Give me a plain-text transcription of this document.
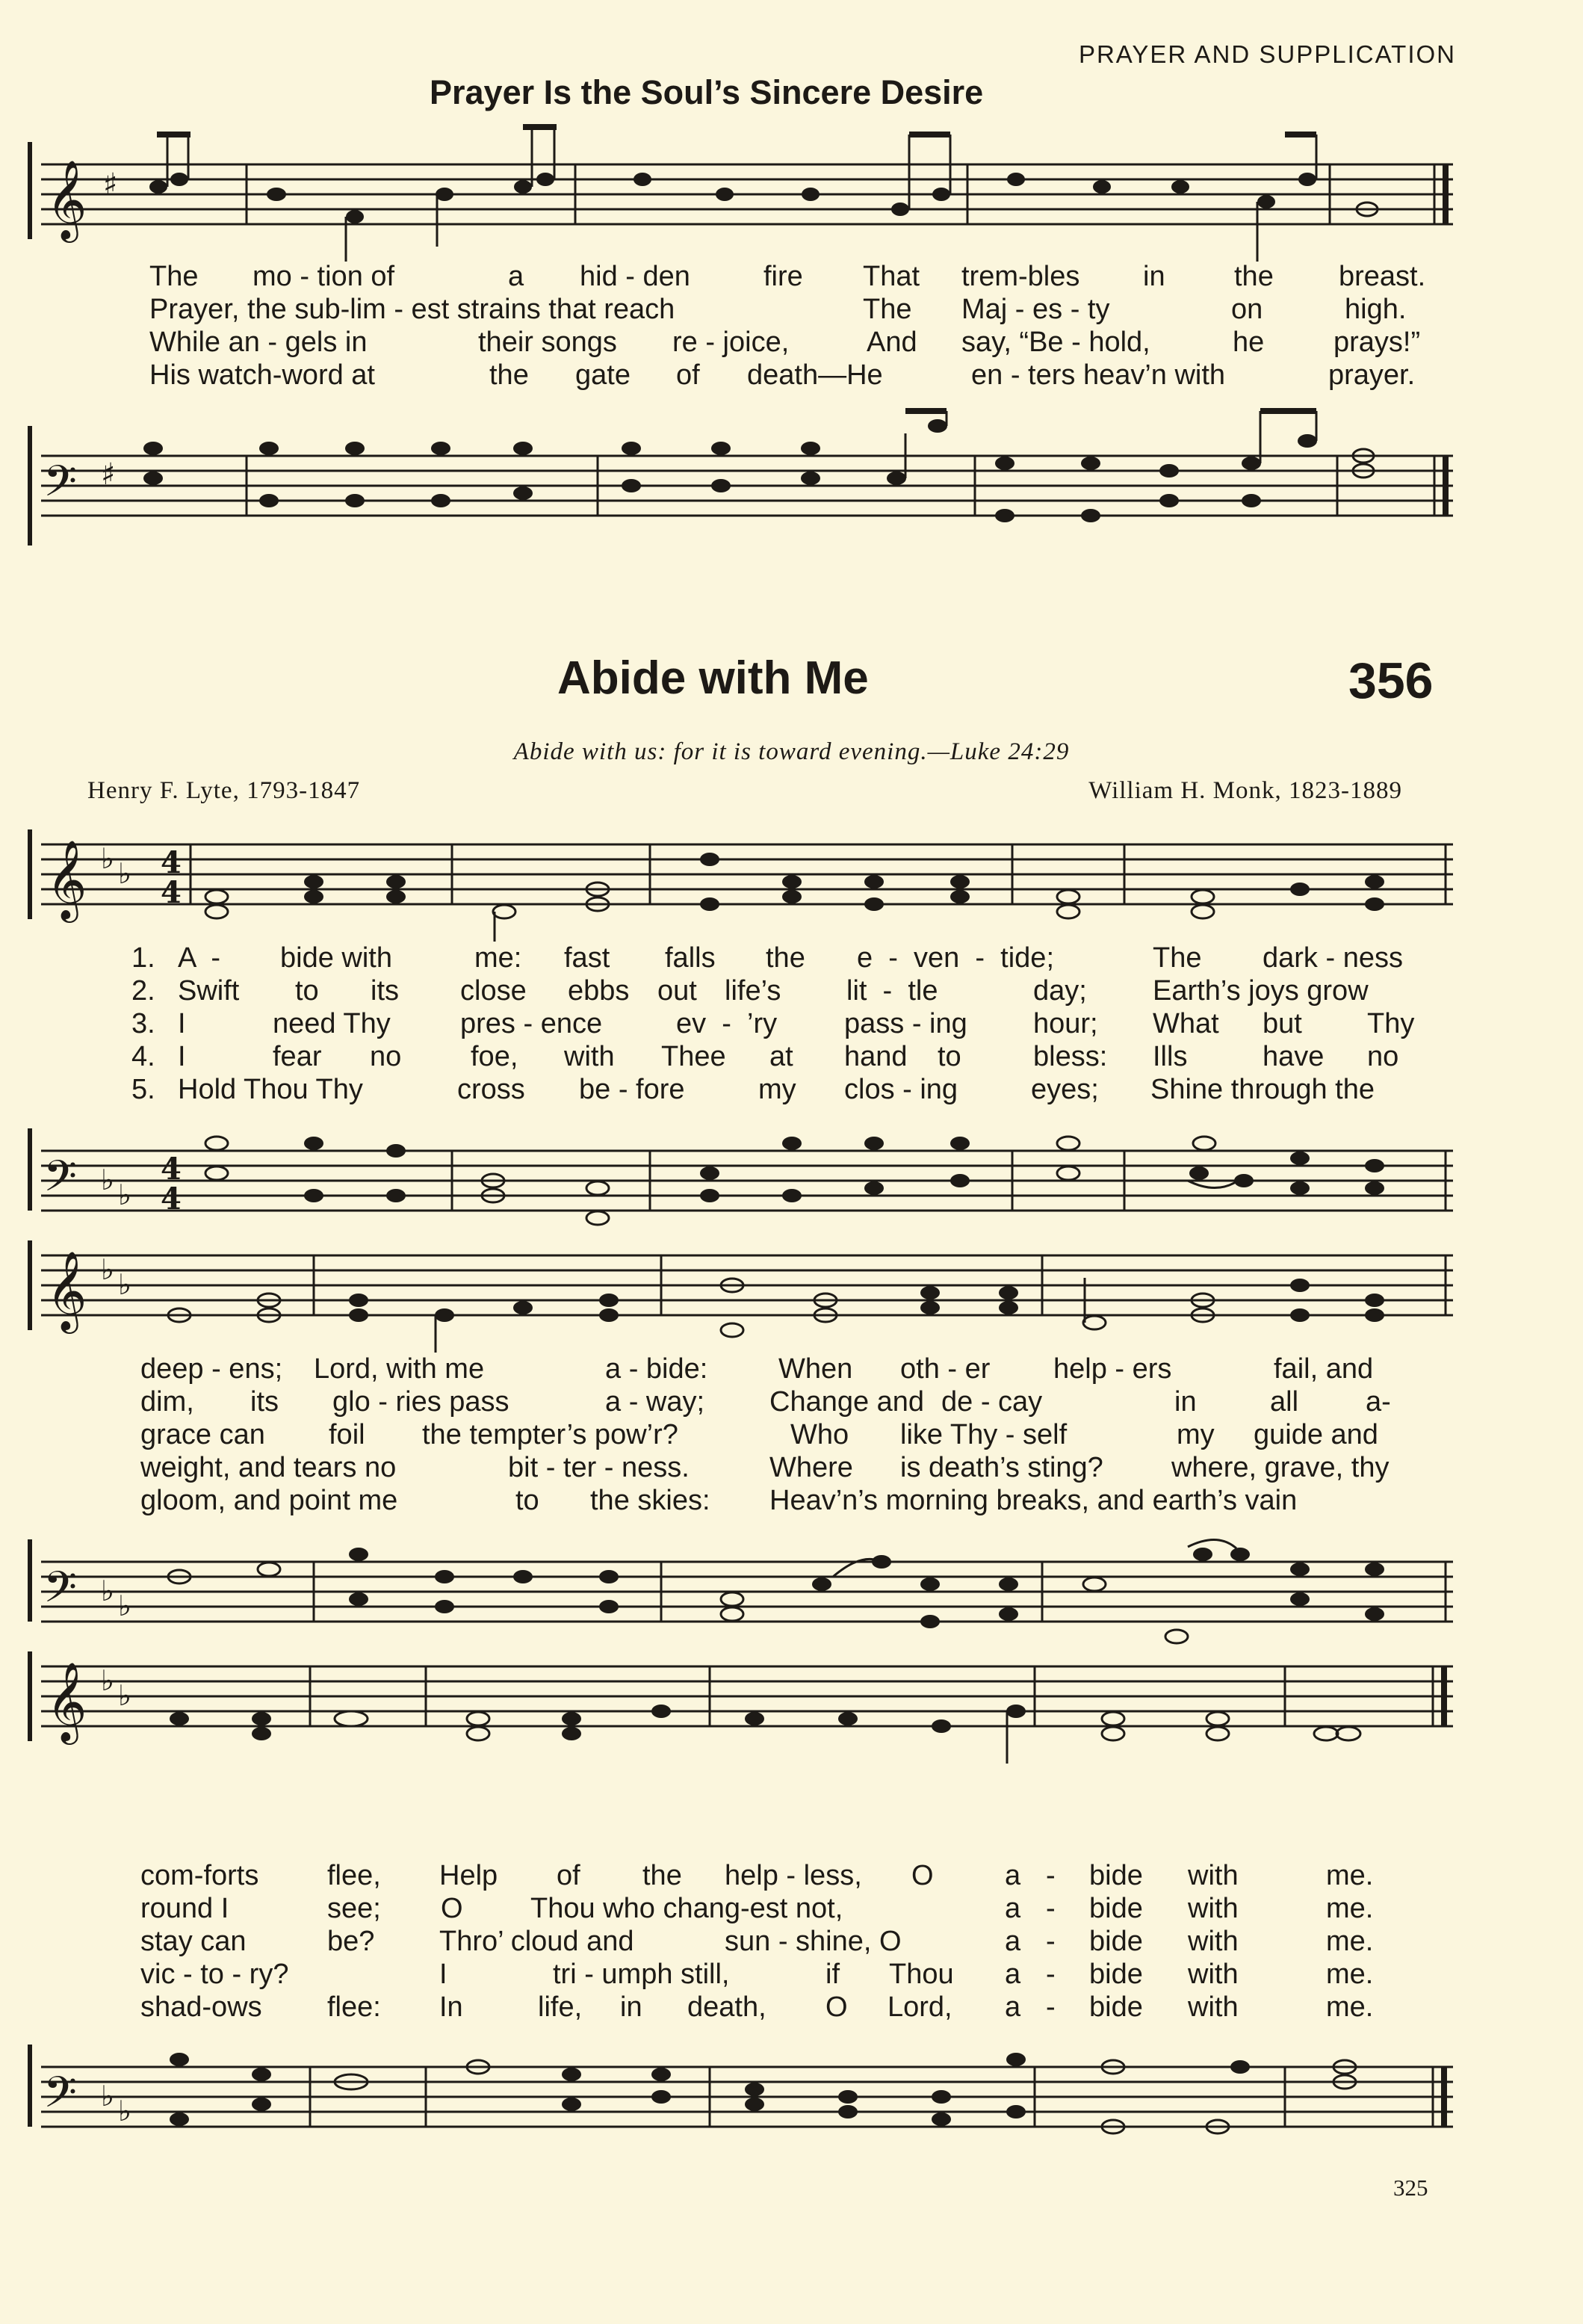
PRAYER AND SUPPLICATION
Prayer Is the Soul’s Sincere Desire
𝄞 ♯
The mo - tion of	a hid - den	fire That trem-bles in the breast.
Prayer, the sub-lim - est strains that reach	The Maj - es - ty	on	high.
While an - gels in	their songs re - joice,	And say, “Be - hold,	he prays!”
His watch-word at	the gate of death—He	en - ters heav’n with	prayer.
𝄢 ♯
Abide with Me	356
Abide with us: for it is toward evening.—Luke 24:29
Henry F. Lyte, 1793-1847	William H. Monk, 1823-1889
𝄞 ♭ ♭ 4
4
1. A  - bide with	me: fast falls the e  -  ven  -  tide;	The dark - ness
2. Swift to its close ebbs out life’s lit  -  tle	day; Earth’s joys grow
3. I	need Thy pres - ence	ev  -  ’ry pass - ing hour; What but Thy
4. I	fear no foe, with Thee at hand to	bless: Ills	have no
5. Hold Thou Thy	cross be - fore	my clos - ing	eyes; Shine through the
𝄢 ♭ ♭
4
4
𝄞 ♭ ♭
deep - ens; Lord, with me	a - bide: When oth - er help - ers	fail, and
dim, its glo - ries pass	a - way; Change and de - cay	in	all a-
grace can foil the tempter’s pow’r?	Who like Thy - self	my guide and
weight, and tears no	bit - ter - ness.	Where is death’s sting? where, grave, thy
gloom, and point me	to the skies: Heav’n’s morning breaks, and earth’s vain
𝄢 ♭ ♭
𝄞 ♭ ♭
com-forts flee, Help of the help - less, O	a - bide with	me.
round I	see; O Thou who chang-est not,	a - bide with	me.
stay can	be? Thro’ cloud and	sun - shine, O	a - bide with	me.
vic - to - ry?	I	tri - umph still,	if Thou a - bide with	me.
shad-ows flee: In	life, in death, O Lord, a - bide with	me.
𝄢 ♭ ♭
325
